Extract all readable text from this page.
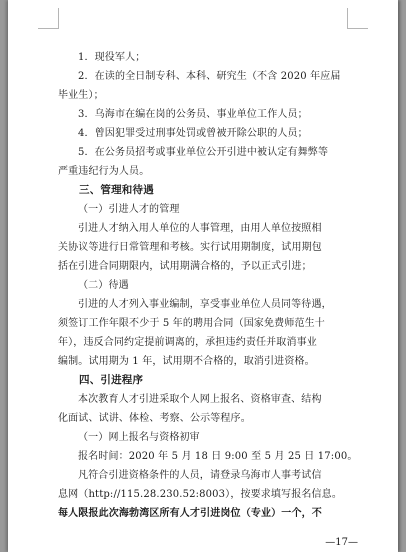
1．现役军人；

2．在读的全日制专科、本科、研究生（不含 2020 年应届

毕业生）；

3．乌海市在编在岗的公务员、事业单位工作人员；

4．曾因犯罪受过刑事处罚或曾被开除公职的人员；

5．在公务员招考或事业单位公开引进中被认定有舞弊等

严重违纪行为人员。

三、管理和待遇

（一）引进人才的管理

引进人才纳入用人单位的人事管理，由用人单位按照相

关协议等进行日常管理和考核。实行试用期制度，试用期包

括在引进合同期限内，试用期满合格的，予以正式引进；

（二）待遇

引进的人才列入事业编制，享受事业单位人员同等待遇，

须签订工作年限不少于 5 年的聘用合同（国家免费师范生十

年），违反合同约定提前调离的，承担违约责任并取消事业

编制。试用期为 1 年，试用期不合格的，取消引进资格。

四、引进程序

本次教育人才引进采取个人网上报名、资格审查、结构

化面试、试讲、体检、考察、公示等程序。

（一）网上报名与资格初审

报名时间：2020 年 5 月 18 日 9:00 至 5 月 25 日 17:00。

凡符合引进资格条件的人员，请登录乌海市人事考试信

息网（http://115.28.230.52:8003），按要求填写报名信息。

每人限报此次海勃湾区所有人才引进岗位（专业）一个，不

—17—
